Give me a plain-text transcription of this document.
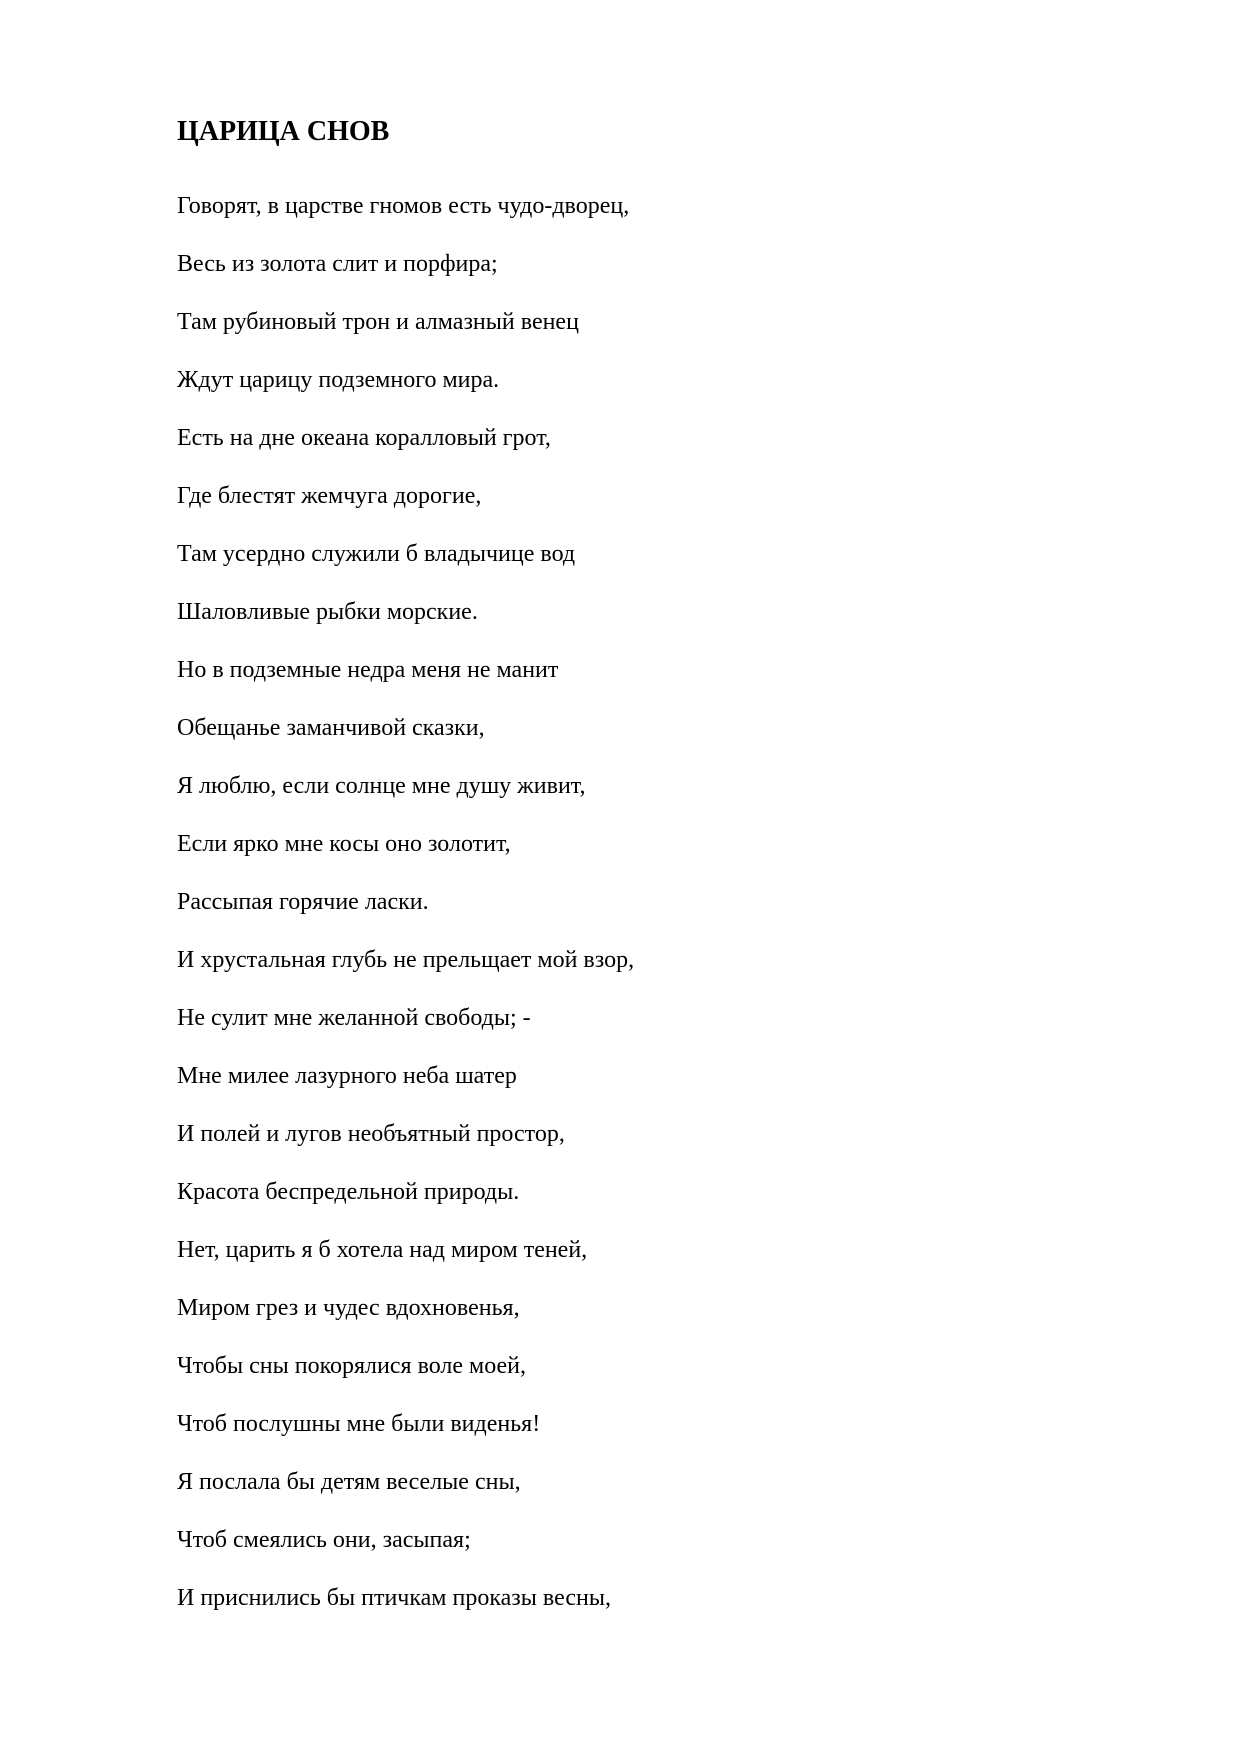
ЦАРИЦА СНОВ
Говорят, в царстве гномов есть чудо-дворец,
Весь из золота слит и порфира;
Там рубиновый трон и алмазный венец
Ждут царицу подземного мира.
Есть на дне океана коралловый грот,
Где блестят жемчуга дорогие,
Там усердно служили б владычице вод
Шаловливые рыбки морские.
Но в подземные недра меня не манит
Обещанье заманчивой сказки,
Я люблю, если солнце мне душу живит,
Если ярко мне косы оно золотит,
Рассыпая горячие ласки.
И хрустальная глубь не прельщает мой взор,
Не сулит мне желанной свободы; -
Мне милее лазурного неба шатер
И полей и лугов необъятный простор,
Красота беспредельной природы.
Нет, царить я б хотела над миром теней,
Миром грез и чудес вдохновенья,
Чтобы сны покорялися воле моей,
Чтоб послушны мне были виденья!
Я послала бы детям веселые сны,
Чтоб смеялись они, засыпая;
И приснились бы птичкам проказы весны,
